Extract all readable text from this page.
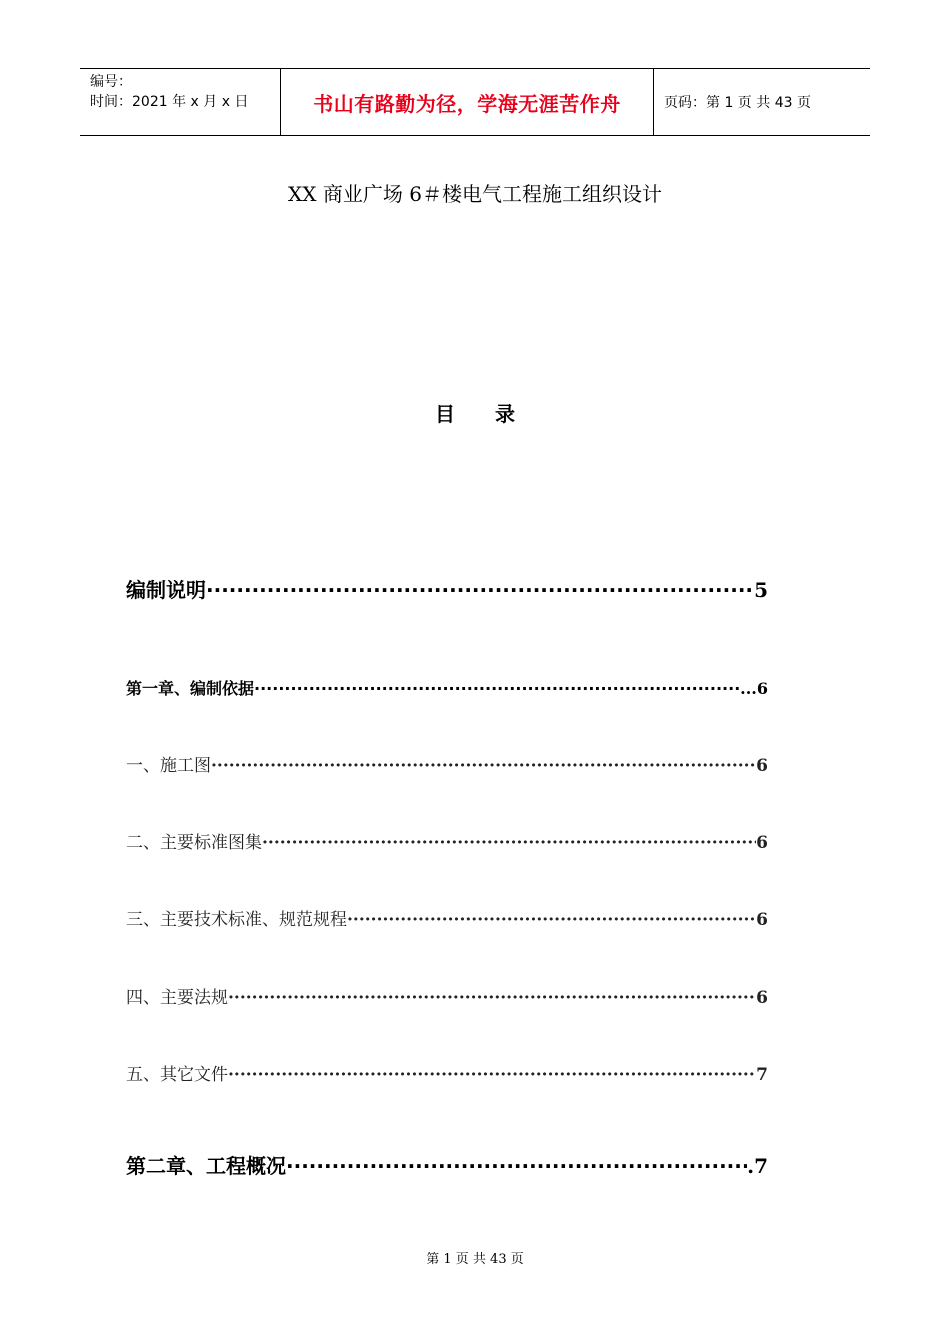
编号：
时间：2021 年 x 月 x 日	书山有路勤为径，学海无涯苦作舟	页码：第 1 页 共 43 页
XX 商业广场 6＃楼电气工程施工组织设计
目 录
编制说明 ·····	5
第一章、编制依据 ·····	...6
一、施工图 ·····	6
二、主要标准图集 ·····	6
三、主要技术标准、规范规程 ·····	6
四、主要法规 ·····	6
五、其它文件 ·····	7
第二章、工程概况 ·····	.7
第 1 页 共 43 页
